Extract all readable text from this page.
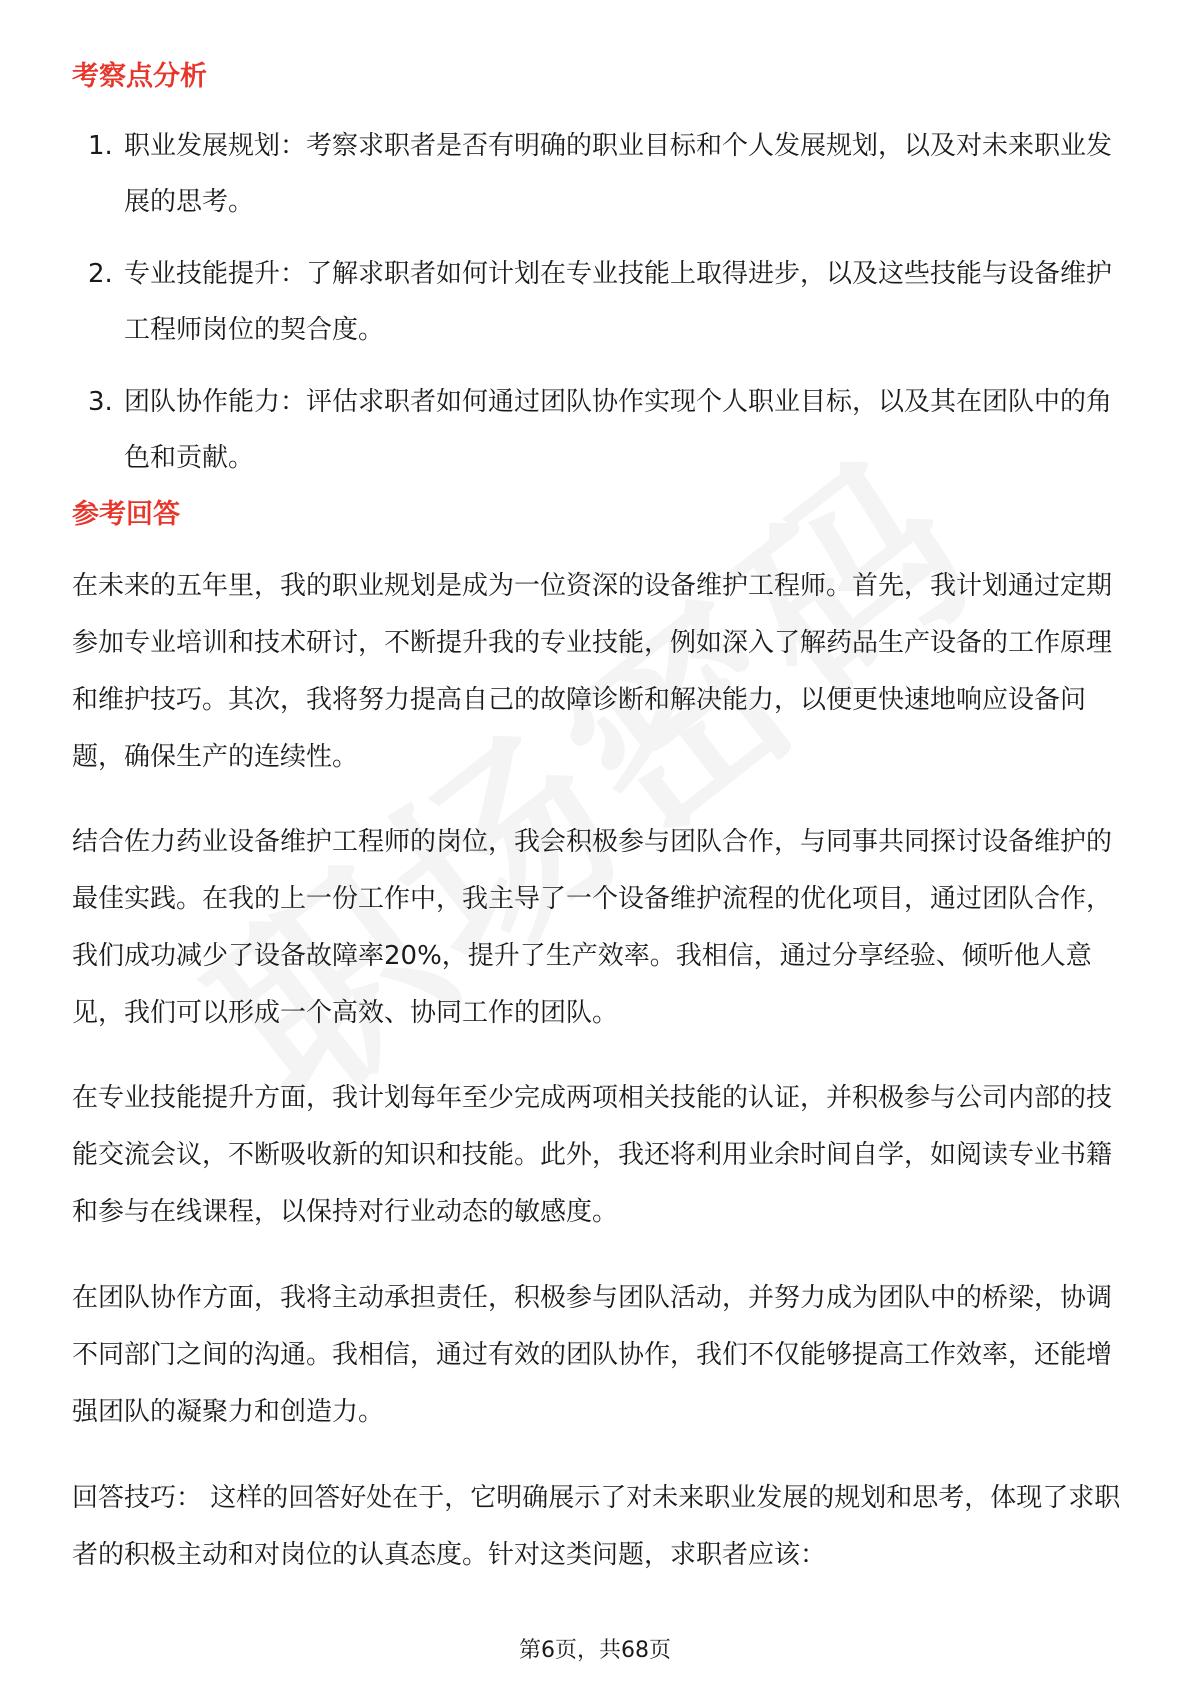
考察点分析
1. 职业发展规划：考察求职者是否有明确的职业目标和个人发展规划，以及对未来职业发展的思考。
2. 专业技能提升：了解求职者如何计划在专业技能上取得进步，以及这些技能与设备维护工程师岗位的契合度。
3. 团队协作能力：评估求职者如何通过团队协作实现个人职业目标，以及其在团队中的角色和贡献。
参考回答

在未来的五年里，我的职业规划是成为一位资深的设备维护工程师。首先，我计划通过定期参加专业培训和技术研讨，不断提升我的专业技能，例如深入了解药品生产设备的工作原理和维护技巧。其次，我将努力提高自己的故障诊断和解决能力，以便更快速地响应设备问题，确保生产的连续性。

结合佐力药业设备维护工程师的岗位，我会积极参与团队合作，与同事共同探讨设备维护的最佳实践。在我的上一份工作中，我主导了一个设备维护流程的优化项目，通过团队合作，我们成功减少了设备故障率20%，提升了生产效率。我相信，通过分享经验、倾听他人意见，我们可以形成一个高效、协同工作的团队。

在专业技能提升方面，我计划每年至少完成两项相关技能的认证，并积极参与公司内部的技能交流会议，不断吸收新的知识和技能。此外，我还将利用业余时间自学，如阅读专业书籍和参与在线课程，以保持对行业动态的敏感度。

在团队协作方面，我将主动承担责任，积极参与团队活动，并努力成为团队中的桥梁，协调不同部门之间的沟通。我相信，通过有效的团队协作，我们不仅能够提高工作效率，还能增强团队的凝聚力和创造力。

回答技巧： 这样的回答好处在于，它明确展示了对未来职业发展的规划和思考，体现了求职者的积极主动和对岗位的认真态度。针对这类问题，求职者应该：

第6页，共68页
